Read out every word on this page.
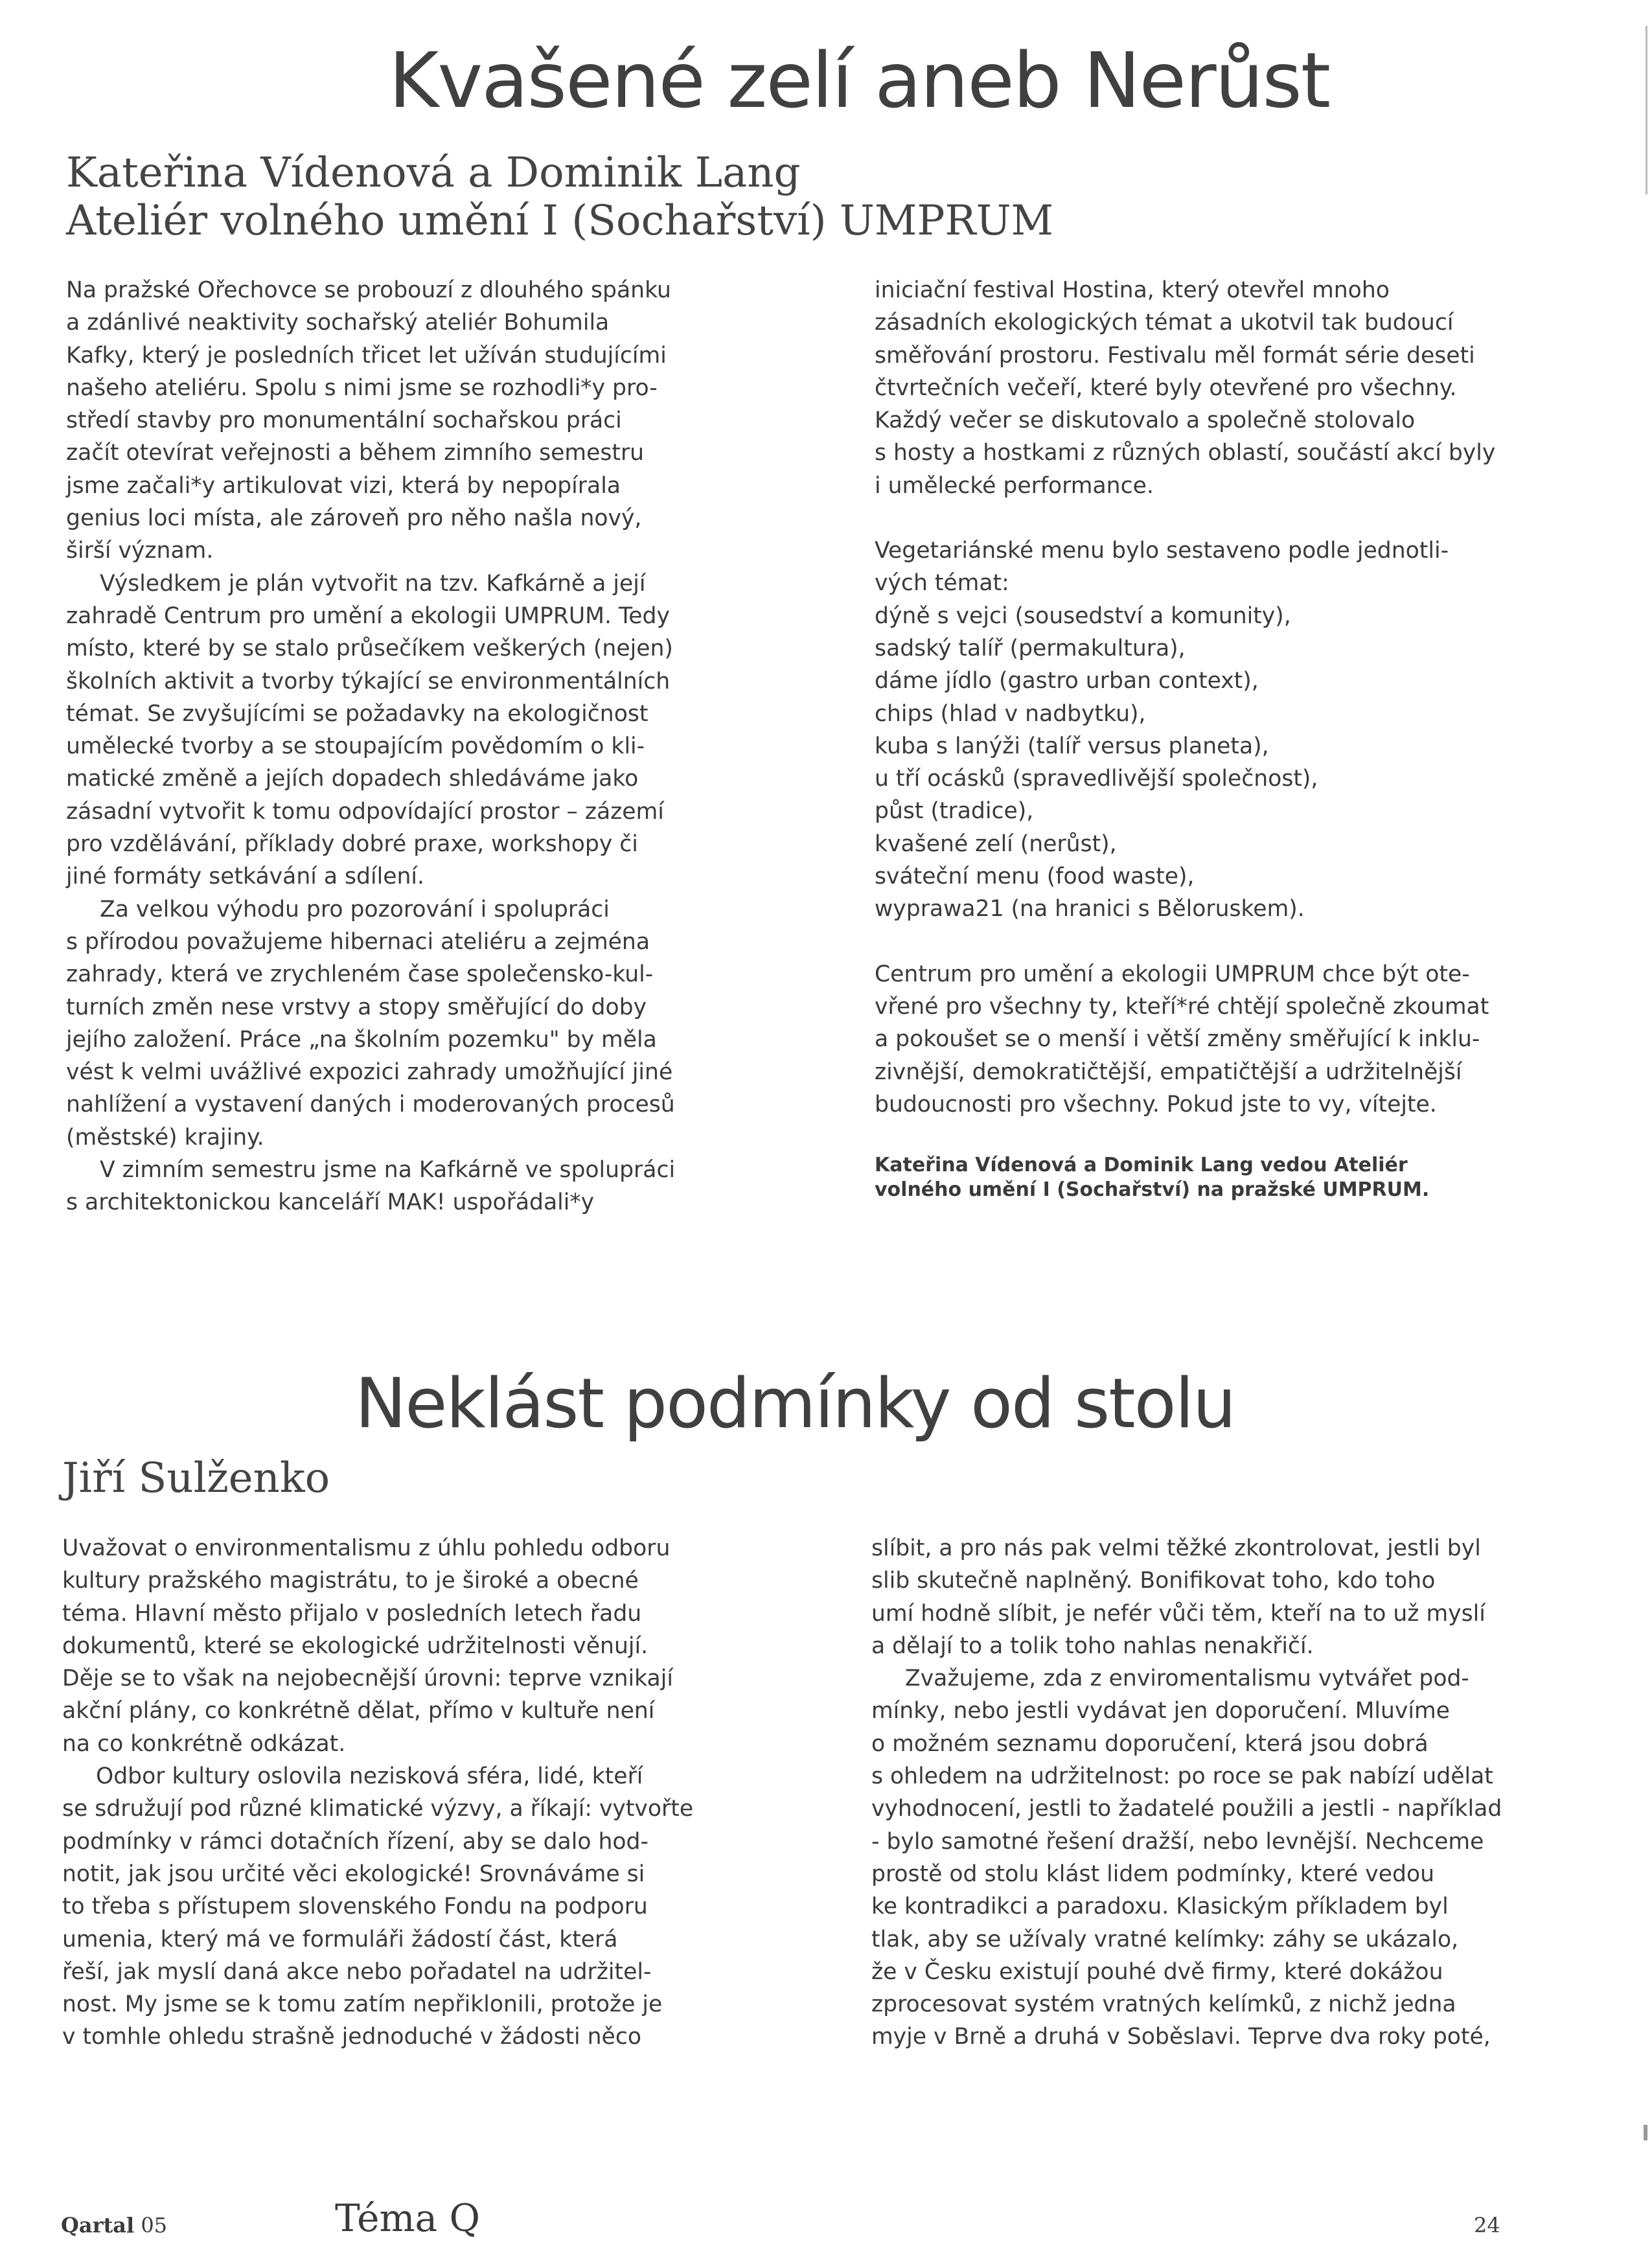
Kvašené zelí aneb Nerůst
Kateřina Vídenová a Dominik Lang
Ateliér volného umění I (Sochařství) UMPRUM
Na pražské Ořechovce se probouzí z dlouhého spánku
a zdánlivé neaktivity sochařský ateliér Bohumila
Kafky, který je posledních třicet let užíván studujícími
našeho ateliéru. Spolu s nimi jsme se rozhodli*y pro-
středí stavby pro monumentální sochařskou práci
začít otevírat veřejnosti a během zimního semestru
jsme začali*y artikulovat vizi, která by nepopírala
genius loci místa, ale zároveň pro něho našla nový,
širší význam.
Výsledkem je plán vytvořit na tzv. Kafkárně a její
zahradě Centrum pro umění a ekologii UMPRUM. Tedy
místo, které by se stalo průsečíkem veškerých (nejen)
školních aktivit a tvorby týkající se environmentálních
témat. Se zvyšujícími se požadavky na ekologičnost
umělecké tvorby a se stoupajícím povědomím o kli-
matické změně a jejích dopadech shledáváme jako
zásadní vytvořit k tomu odpovídající prostor – zázemí
pro vzdělávání, příklady dobré praxe, workshopy či
jiné formáty setkávání a sdílení.
Za velkou výhodu pro pozorování i spolupráci
s přírodou považujeme hibernaci ateliéru a zejména
zahrady, která ve zrychleném čase společensko-kul-
turních změn nese vrstvy a stopy směřující do doby
jejího založení. Práce „na školním pozemku" by měla
vést k velmi uvážlivé expozici zahrady umožňující jiné
nahlížení a vystavení daných i moderovaných procesů
(městské) krajiny.
V zimním semestru jsme na Kafkárně ve spolupráci
s architektonickou kanceláří MAK! uspořádali*y
iniciační festival Hostina, který otevřel mnoho
zásadních ekologických témat a ukotvil tak budoucí
směřování prostoru. Festivalu měl formát série deseti
čtvrtečních večeří, které byly otevřené pro všechny.
Každý večer se diskutovalo a společně stolovalo
s hosty a hostkami z různých oblastí, součástí akcí byly
i umělecké performance.
Vegetariánské menu bylo sestaveno podle jednotli-
vých témat:
dýně s vejci (sousedství a komunity),
sadský talíř (permakultura),
dáme jídlo (gastro urban context),
chips (hlad v nadbytku),
kuba s lanýži (talíř versus planeta),
u tří ocásků (spravedlivější společnost),
půst (tradice),
kvašené zelí (nerůst),
sváteční menu (food waste),
wyprawa21 (na hranici s Běloruskem).
Centrum pro umění a ekologii UMPRUM chce být ote-
vřené pro všechny ty, kteří*ré chtějí společně zkoumat
a pokoušet se o menší i větší změny směřující k inklu-
zivnější, demokratičtější, empatičtější a udržitelnější
budoucnosti pro všechny. Pokud jste to vy, vítejte.
Kateřina Vídenová a Dominik Lang vedou Ateliér
volného umění I (Sochařství) na pražské UMPRUM.
Neklást podmínky od stolu
Jiří Sulženko
Uvažovat o environmentalismu z úhlu pohledu odboru
kultury pražského magistrátu, to je široké a obecné
téma. Hlavní město přijalo v posledních letech řadu
dokumentů, které se ekologické udržitelnosti věnují.
Děje se to však na nejobecnější úrovni: teprve vznikají
akční plány, co konkrétně dělat, přímo v kultuře není
na co konkrétně odkázat.
Odbor kultury oslovila nezisková sféra, lidé, kteří
se sdružují pod různé klimatické výzvy, a říkají: vytvořte
podmínky v rámci dotačních řízení, aby se dalo hod-
notit, jak jsou určité věci ekologické! Srovnáváme si
to třeba s přístupem slovenského Fondu na podporu
umenia, který má ve formuláři žádostí část, která
řeší, jak myslí daná akce nebo pořadatel na udržitel-
nost. My jsme se k tomu zatím nepřiklonili, protože je
v tomhle ohledu strašně jednoduché v žádosti něco
slíbit, a pro nás pak velmi těžké zkontrolovat, jestli byl
slib skutečně naplněný. Bonifikovat toho, kdo toho
umí hodně slíbit, je nefér vůči těm, kteří na to už myslí
a dělají to a tolik toho nahlas nenakřičí.
Zvažujeme, zda z enviromentalismu vytvářet pod-
mínky, nebo jestli vydávat jen doporučení. Mluvíme
o možném seznamu doporučení, která jsou dobrá
s ohledem na udržitelnost: po roce se pak nabízí udělat
vyhodnocení, jestli to žadatelé použili a jestli - například
- bylo samotné řešení dražší, nebo levnější. Nechceme
prostě od stolu klást lidem podmínky, které vedou
ke kontradikci a paradoxu. Klasickým příkladem byl
tlak, aby se užívaly vratné kelímky: záhy se ukázalo,
že v Česku existují pouhé dvě firmy, které dokážou
zprocesovat systém vratných kelímků, z nichž jedna
myje v Brně a druhá v Soběslavi. Teprve dva roky poté,
Qartal 05	Téma Q	24
